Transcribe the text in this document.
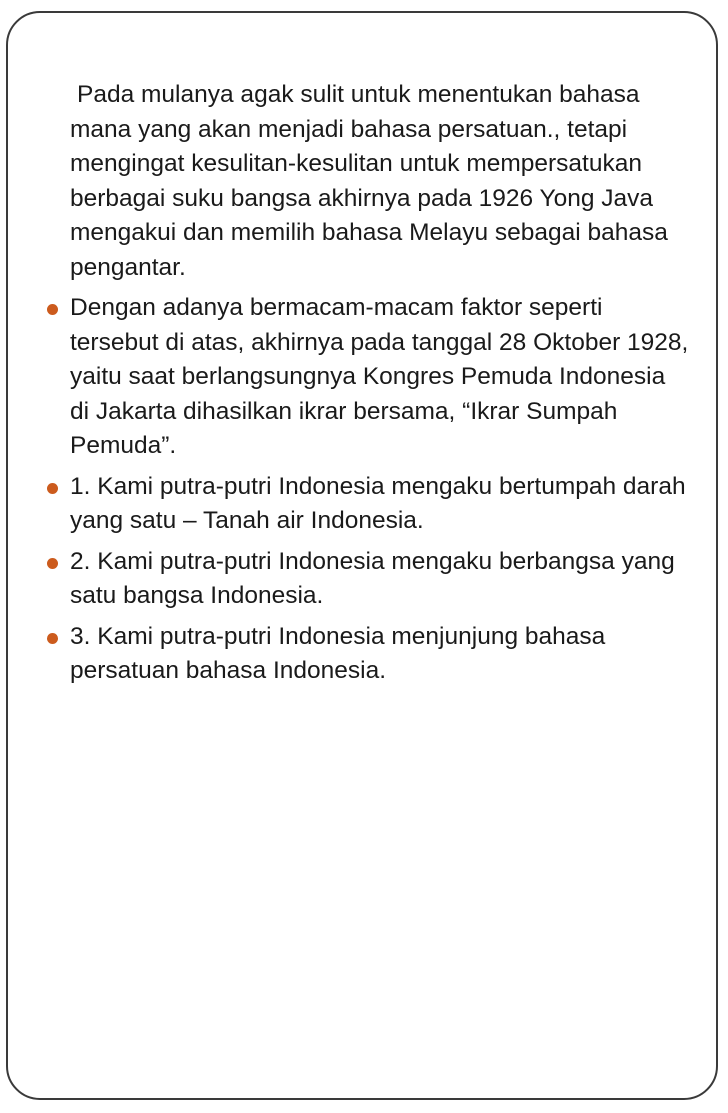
Pada mulanya agak sulit untuk menentukan bahasa mana yang akan menjadi bahasa persatuan., tetapi mengingat kesulitan-kesulitan untuk mempersatukan berbagai suku bangsa akhirnya pada 1926 Yong Java mengakui dan memilih bahasa Melayu sebagai bahasa pengantar.
Dengan adanya bermacam-macam faktor seperti tersebut di atas, akhirnya pada tanggal 28 Oktober 1928, yaitu saat berlangsungnya Kongres Pemuda Indonesia di Jakarta dihasilkan ikrar bersama, “Ikrar Sumpah Pemuda”.
1. Kami putra-putri Indonesia mengaku bertumpah darah yang satu – Tanah air Indonesia.
2. Kami putra-putri Indonesia mengaku berbangsa yang satu bangsa Indonesia.
3. Kami putra-putri Indonesia menjunjung bahasa persatuan bahasa Indonesia.
